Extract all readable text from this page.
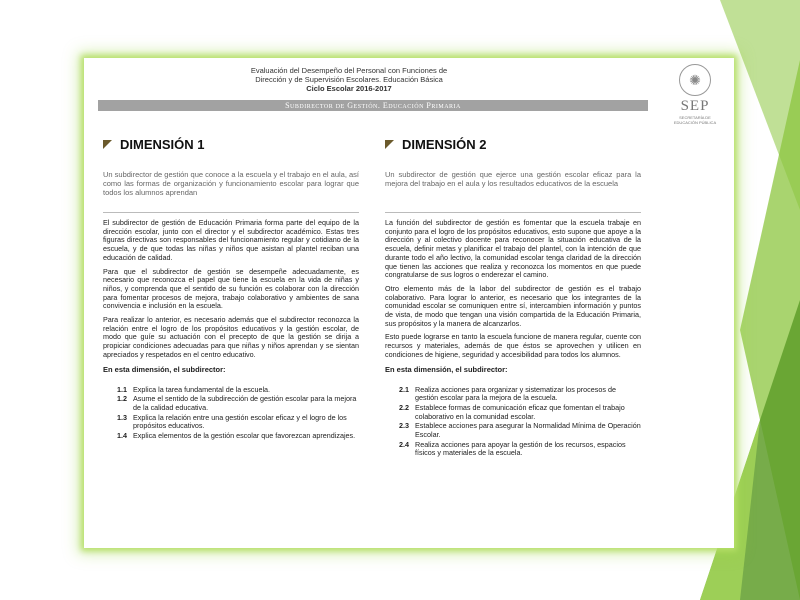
Evaluación del Desempeño del Personal con Funciones de
Dirección y de Supervisión Escolares. Educación Básica
Ciclo Escolar 2016-2017
✺
SEP
SECRETARÍA DE
EDUCACIÓN PÚBLICA
Subdirector de Gestión. Educación Primaria
DIMENSIÓN 1
Un subdirector de gestión que conoce a la escuela y el trabajo en el aula, así como las formas de organización y funcionamiento escolar para lograr que todos los alumnos aprendan

El subdirector de gestión de Educación Primaria forma parte del equipo de la dirección escolar, junto con el director y el subdirector académico. Estas tres figuras directivas son responsables del funcionamiento regular y cotidiano de la escuela, y de que todas las niñas y niños que asistan al plantel reciban una educación de calidad.

Para que el subdirector de gestión se desempeñe adecuadamente, es necesario que reconozca el papel que tiene la escuela en la vida de niñas y niños, y comprenda que el sentido de su función es colaborar con la dirección para fomentar procesos de mejora, trabajo colaborativo y ambientes de sana convivencia e inclusión en la escuela.

Para realizar lo anterior, es necesario además que el subdirector reconozca la relación entre el logro de los propósitos educativos y la gestión escolar, de modo que guíe su actuación con el precepto de que la gestión se dirija a propiciar condiciones adecuadas para que niñas y niños aprendan y se sientan apreciados y respetados en el centro educativo.

En esta dimensión, el subdirector:
1.1 Explica la tarea fundamental de la escuela.
1.2 Asume el sentido de la subdirección de gestión escolar para la mejora de la calidad educativa.
1.3 Explica la relación entre una gestión escolar eficaz y el logro de los propósitos educativos.
1.4 Explica elementos de la gestión escolar que favorezcan aprendizajes.
DIMENSIÓN 2
Un subdirector de gestión que ejerce una gestión escolar eficaz para la mejora del trabajo en el aula y los resultados educativos de la escuela

La función del subdirector de gestión es fomentar que la escuela trabaje en conjunto para el logro de los propósitos educativos, esto supone que apoye a la dirección y al colectivo docente para reconocer la situación educativa de la escuela, definir metas y planificar el trabajo del plantel, con la intención de que durante todo el año lectivo, la comunidad escolar tenga claridad de la dirección que tienen las acciones que realiza y reconozca los momentos en que puede congratularse de sus logros o enderezar el camino.

Otro elemento más de la labor del subdirector de gestión es el trabajo colaborativo. Para lograr lo anterior, es necesario que los integrantes de la comunidad escolar se comuniquen entre sí, intercambien información y puntos de vista, de modo que tengan una visión compartida de la Educación Primaria, sus propósitos y la manera de alcanzarlos.

Esto puede lograrse en tanto la escuela funcione de manera regular, cuente con recursos y materiales, además de que éstos se aprovechen y utilicen en condiciones de higiene, seguridad y accesibilidad para todos los alumnos.

En esta dimensión, el subdirector:
2.1 Realiza acciones para organizar y sistematizar los procesos de gestión escolar para la mejora de la escuela.
2.2 Establece formas de comunicación eficaz que fomentan el trabajo colaborativo en la comunidad escolar.
2.3 Establece acciones para asegurar la Normalidad Mínima de Operación Escolar.
2.4 Realiza acciones para apoyar la gestión de los recursos, espacios físicos y materiales de la escuela.
